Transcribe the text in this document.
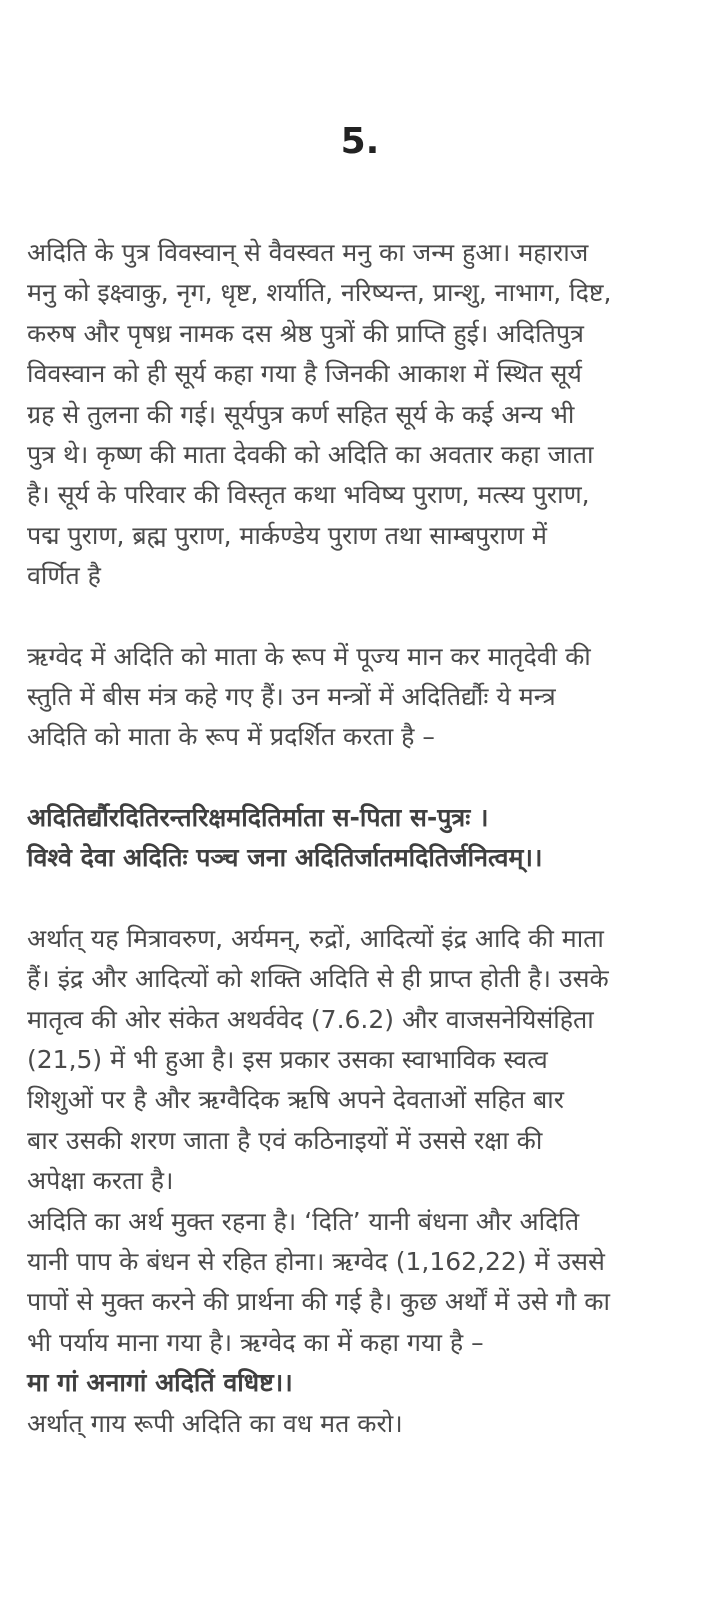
5.

अदिति के पुत्र विवस्वान् से वैवस्वत मनु का जन्म हुआ। महाराज
मनु को इक्ष्वाकु, नृग, धृष्ट, शर्याति, नरिष्यन्त, प्रान्शु, नाभाग, दिष्ट,
करुष और पृषध्र नामक दस श्रेष्ठ पुत्रों की प्राप्ति हुई। अदितिपुत्र
विवस्वान को ही सूर्य कहा गया है जिनकी आकाश में स्थित सूर्य
ग्रह से तुलना की गई। सूर्यपुत्र कर्ण सहित सूर्य के कई अन्य भी
पुत्र थे। कृष्ण की माता देवकी को अदिति का अवतार कहा जाता
है। सूर्य के परिवार की विस्तृत कथा भविष्य पुराण, मत्स्य पुराण,
पद्म पुराण, ब्रह्म पुराण, मार्कण्डेय पुराण तथा साम्बपुराण में
वर्णित है

ऋग्वेद में अदिति को माता के रूप में पूज्य मान कर मातृदेवी की
स्तुति में बीस मंत्र कहे गए हैं। उन मन्त्रों में अदितिर्द्यौः ये मन्त्र
अदिति को माता के रूप में प्रदर्शित करता है –

अदितिर्द्यौरदितिरन्तरिक्षमदितिर्माता स-पिता स-पुत्रः ।
विश्वे देवा अदितिः पञ्च जना अदितिर्जातमदितिर्जनित्वम्।।

अर्थात् यह मित्रावरुण, अर्यमन्, रुद्रों, आदित्यों इंद्र आदि की माता
हैं। इंद्र और आदित्यों को शक्ति अदिति से ही प्राप्त होती है। उसके
मातृत्व की ओर संकेत अथर्ववेद (7.6.2) और वाजसनेयिसंहिता
(21,5) में भी हुआ है। इस प्रकार उसका स्वाभाविक स्वत्व
शिशुओं पर है और ऋग्वैदिक ऋषि अपने देवताओं सहित बार
बार उसकी शरण जाता है एवं कठिनाइयों में उससे रक्षा की
अपेक्षा करता है।

अदिति का अर्थ मुक्त रहना है। ‘दिति’ यानी बंधना और अदिति
यानी पाप के बंधन से रहित होना। ऋग्वेद (1,162,22) में उससे
पापों से मुक्त करने की प्रार्थना की गई है। कुछ अर्थों में उसे गौ का
भी पर्याय माना गया है। ऋग्वेद का में कहा गया है –

मा गां अनागां अदितिं वधिष्ट।।

अर्थात् गाय रूपी अदिति का वध मत करो।
